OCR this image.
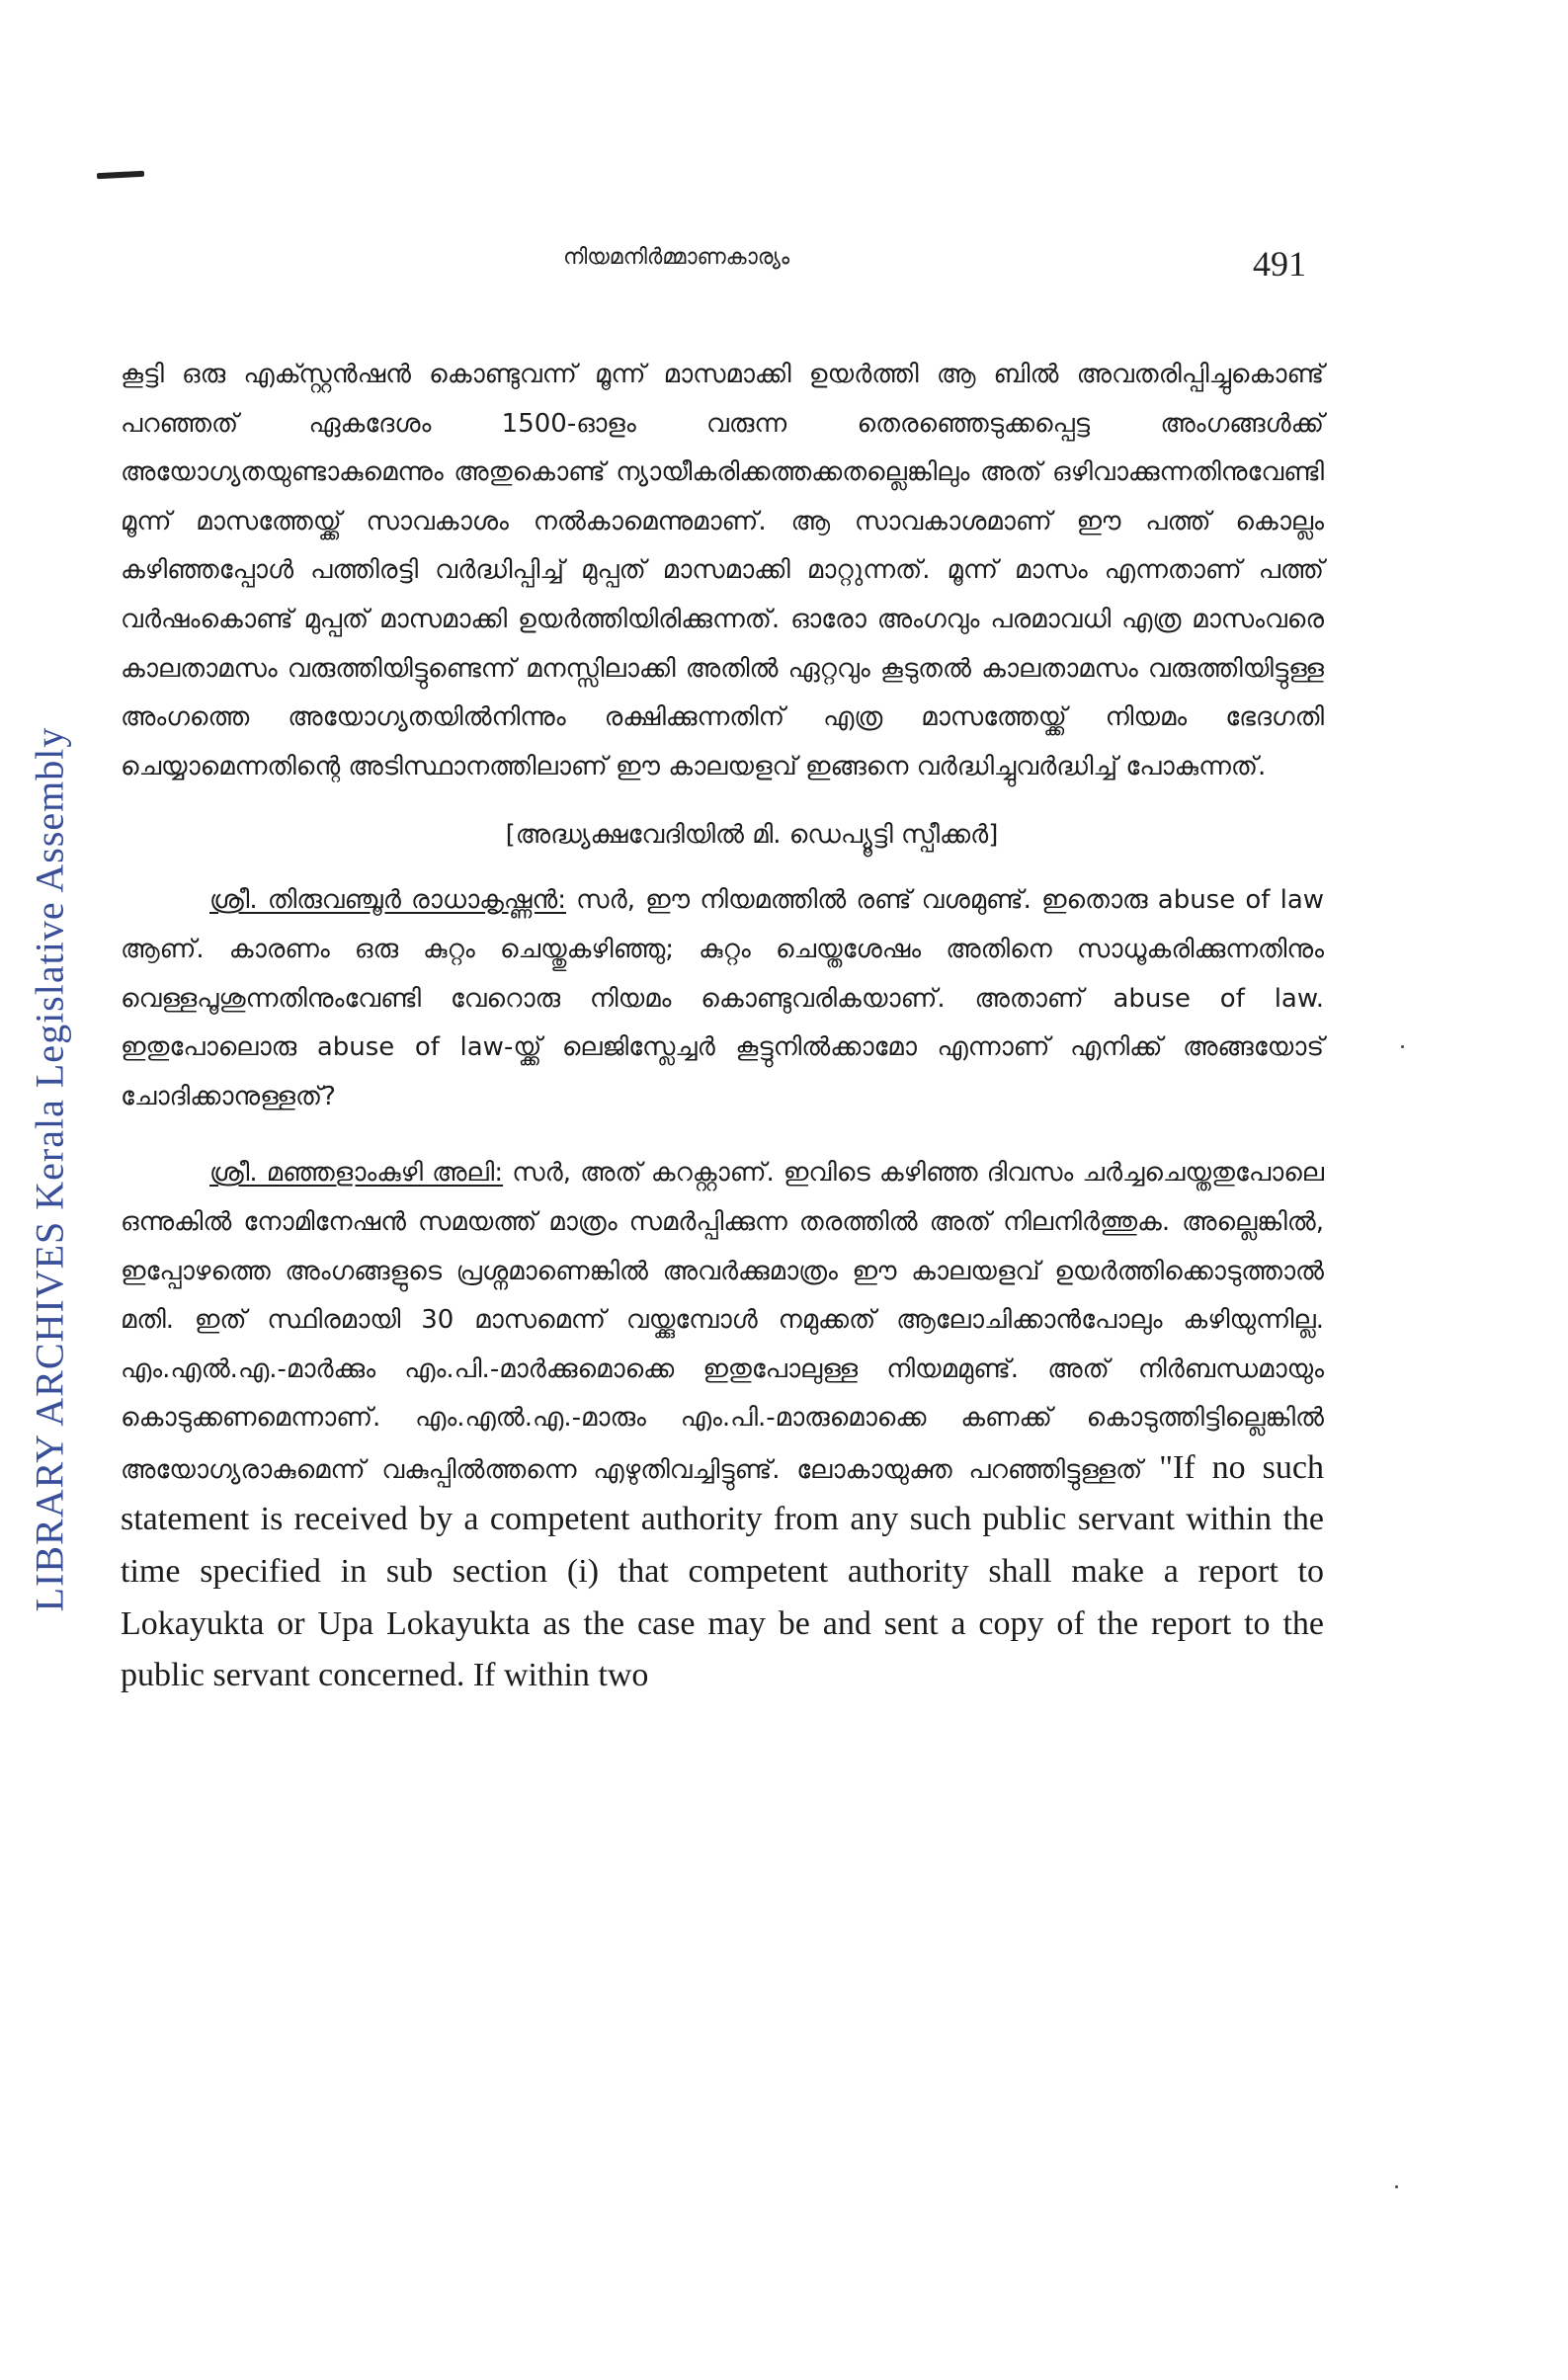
LIBRARY ARCHIVES Kerala Legislative Assembly
നിയമനിർമ്മാണകാര്യം	491

കൂട്ടി ഒരു എക്സ്റ്റൻഷൻ കൊണ്ടുവന്ന് മൂന്ന് മാസമാക്കി ഉയർത്തി ആ ബിൽ അവതരിപ്പിച്ചുകൊണ്ട് പറഞ്ഞത് ഏകദേശം 1500-ഓളം വരുന്ന തെരഞ്ഞെടുക്കപ്പെട്ട അംഗങ്ങൾക്ക് അയോഗ്യതയുണ്ടാകുമെന്നും അതുകൊണ്ട് ന്യായീകരിക്കത്തക്കതല്ലെങ്കിലും അത് ഒഴിവാക്കുന്നതിനുവേണ്ടി മൂന്ന് മാസത്തേയ്ക്ക് സാവകാശം നൽകാമെന്നുമാണ്. ആ സാവകാശമാണ് ഈ പത്ത് കൊല്ലം കഴിഞ്ഞപ്പോൾ പത്തിരട്ടി വർദ്ധിപ്പിച്ച് മുപ്പത് മാസമാക്കി മാറ്റുന്നത്. മൂന്ന് മാസം എന്നതാണ് പത്ത് വർഷംകൊണ്ട് മുപ്പത് മാസമാക്കി ഉയർത്തിയിരിക്കുന്നത്. ഓരോ അംഗവും പരമാവധി എത്ര മാസംവരെ കാലതാമസം വരുത്തിയിട്ടുണ്ടെന്ന് മനസ്സിലാക്കി അതിൽ ഏറ്റവും കൂടുതൽ കാലതാമസം വരുത്തിയിട്ടുള്ള അംഗത്തെ അയോഗ്യതയിൽനിന്നും രക്ഷിക്കുന്നതിന് എത്ര മാസത്തേയ്ക്ക് നിയമം ഭേദഗതി ചെയ്യാമെന്നതിന്റെ അടിസ്ഥാനത്തിലാണ് ഈ കാലയളവ് ഇങ്ങനെ വർദ്ധിച്ചുവർദ്ധിച്ച് പോകുന്നത്.

[അദ്ധ്യക്ഷവേദിയിൽ മി. ഡെപ്യൂട്ടി സ്പീക്കർ]

ശ്രീ. തിരുവഞ്ചൂർ രാധാകൃഷ്ണൻ: സർ, ഈ നിയമത്തിൽ രണ്ട് വശമുണ്ട്. ഇതൊരു abuse of law ആണ്. കാരണം ഒരു കുറ്റം ചെയ്തുകഴിഞ്ഞു; കുറ്റം ചെയ്തശേഷം അതിനെ സാധൂകരിക്കുന്നതിനും വെള്ളപൂശുന്നതിനുംവേണ്ടി വേറൊരു നിയമം കൊണ്ടുവരികയാണ്. അതാണ് abuse of law. ഇതുപോലൊരു abuse of law-യ്ക്ക് ലെജിസ്ലേച്ചർ കൂട്ടുനിൽക്കാമോ എന്നാണ് എനിക്ക് അങ്ങയോട് ചോദിക്കാനുള്ളത്?

ശ്രീ. മഞ്ഞളാംകുഴി അലി: സർ, അത് കറക്റ്റാണ്. ഇവിടെ കഴിഞ്ഞ ദിവസം ചർച്ചചെയ്തതുപോലെ ഒന്നുകിൽ നോമിനേഷൻ സമയത്ത് മാത്രം സമർപ്പിക്കുന്ന തരത്തിൽ അത് നിലനിർത്തുക. അല്ലെങ്കിൽ, ഇപ്പോഴത്തെ അംഗങ്ങളുടെ പ്രശ്നമാണെങ്കിൽ അവർക്കുമാത്രം ഈ കാലയളവ് ഉയർത്തിക്കൊടുത്താൽ മതി. ഇത് സ്ഥിരമായി 30 മാസമെന്ന് വയ്ക്കുമ്പോൾ നമുക്കത് ആലോചിക്കാൻപോലും കഴിയുന്നില്ല. എം.എൽ.എ.-മാർക്കും എം.പി.-മാർക്കുമൊക്കെ ഇതുപോലുള്ള നിയമമുണ്ട്. അത് നിർബന്ധമായും കൊടുക്കണമെന്നാണ്. എം.എൽ.എ.-മാരും എം.പി.-മാരുമൊക്കെ കണക്ക് കൊടുത്തിട്ടില്ലെങ്കിൽ അയോഗ്യരാകുമെന്ന് വകുപ്പിൽത്തന്നെ എഴുതിവച്ചിട്ടുണ്ട്. ലോകായുക്ത പറഞ്ഞിട്ടുള്ളത് "If no such statement is received by a competent authority from any such public servant within the time specified in sub section (i) that competent authority shall make a report to Lokayukta or Upa Lokayukta as the case may be and sent a copy of the report to the public servant concerned. If within two
